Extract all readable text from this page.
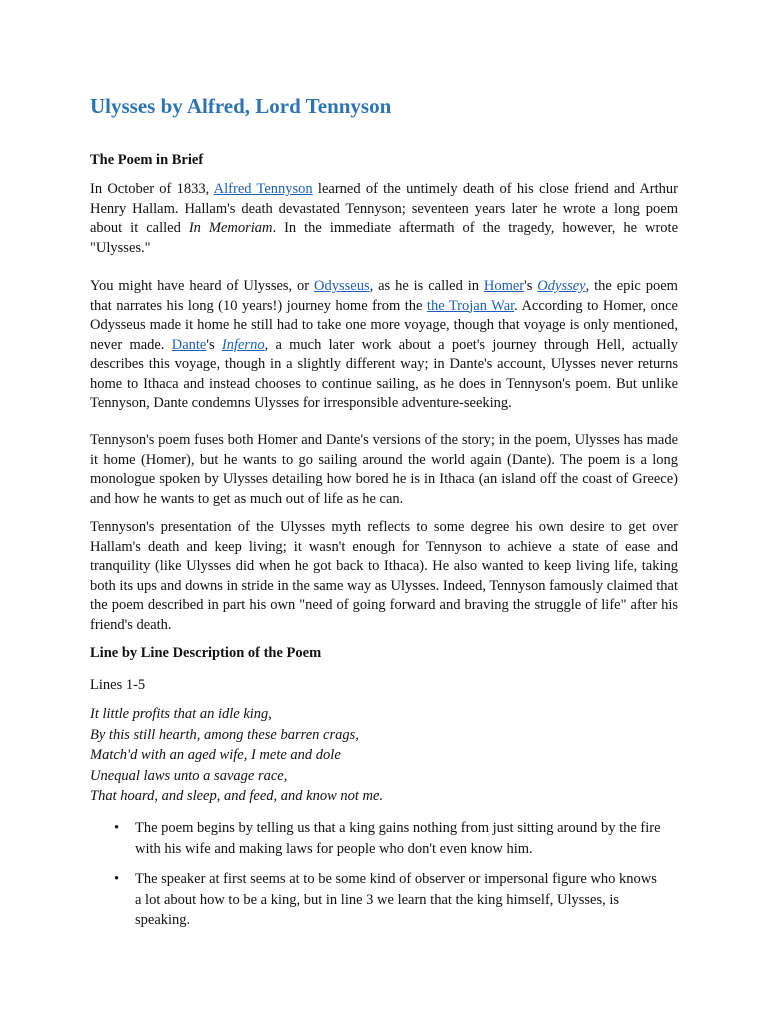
Ulysses by Alfred, Lord Tennyson
The Poem in Brief

In October of 1833, Alfred Tennyson learned of the untimely death of his close friend and Arthur Henry Hallam. Hallam's death devastated Tennyson; seventeen years later he wrote a long poem about it called In Memoriam. In the immediate aftermath of the tragedy, however, he wrote "Ulysses."

You might have heard of Ulysses, or Odysseus, as he is called in Homer's Odyssey, the epic poem that narrates his long (10 years!) journey home from the the Trojan War. According to Homer, once Odysseus made it home he still had to take one more voyage, though that voyage is only mentioned, never made. Dante's Inferno, a much later work about a poet's journey through Hell, actually describes this voyage, though in a slightly different way; in Dante's account, Ulysses never returns home to Ithaca and instead chooses to continue sailing, as he does in Tennyson's poem. But unlike Tennyson, Dante condemns Ulysses for irresponsible adventure-seeking.

Tennyson's poem fuses both Homer and Dante's versions of the story; in the poem, Ulysses has made it home (Homer), but he wants to go sailing around the world again (Dante). The poem is a long monologue spoken by Ulysses detailing how bored he is in Ithaca (an island off the coast of Greece) and how he wants to get as much out of life as he can.

Tennyson's presentation of the Ulysses myth reflects to some degree his own desire to get over Hallam's death and keep living; it wasn't enough for Tennyson to achieve a state of ease and tranquility (like Ulysses did when he got back to Ithaca). He also wanted to keep living life, taking both its ups and downs in stride in the same way as Ulysses. Indeed, Tennyson famously claimed that the poem described in part his own "need of going forward and braving the struggle of life" after his friend's death.

Line by Line Description of the Poem

Lines 1-5

It little profits that an idle king,
By this still hearth, among these barren crags,
Match'd with an aged wife, I mete and dole
Unequal laws unto a savage race,
That hoard, and sleep, and feed, and know not me.

• The poem begins by telling us that a king gains nothing from just sitting around by the fire with his wife and making laws for people who don't even know him.
• The speaker at first seems at to be some kind of observer or impersonal figure who knows a lot about how to be a king, but in line 3 we learn that the king himself, Ulysses, is speaking.
